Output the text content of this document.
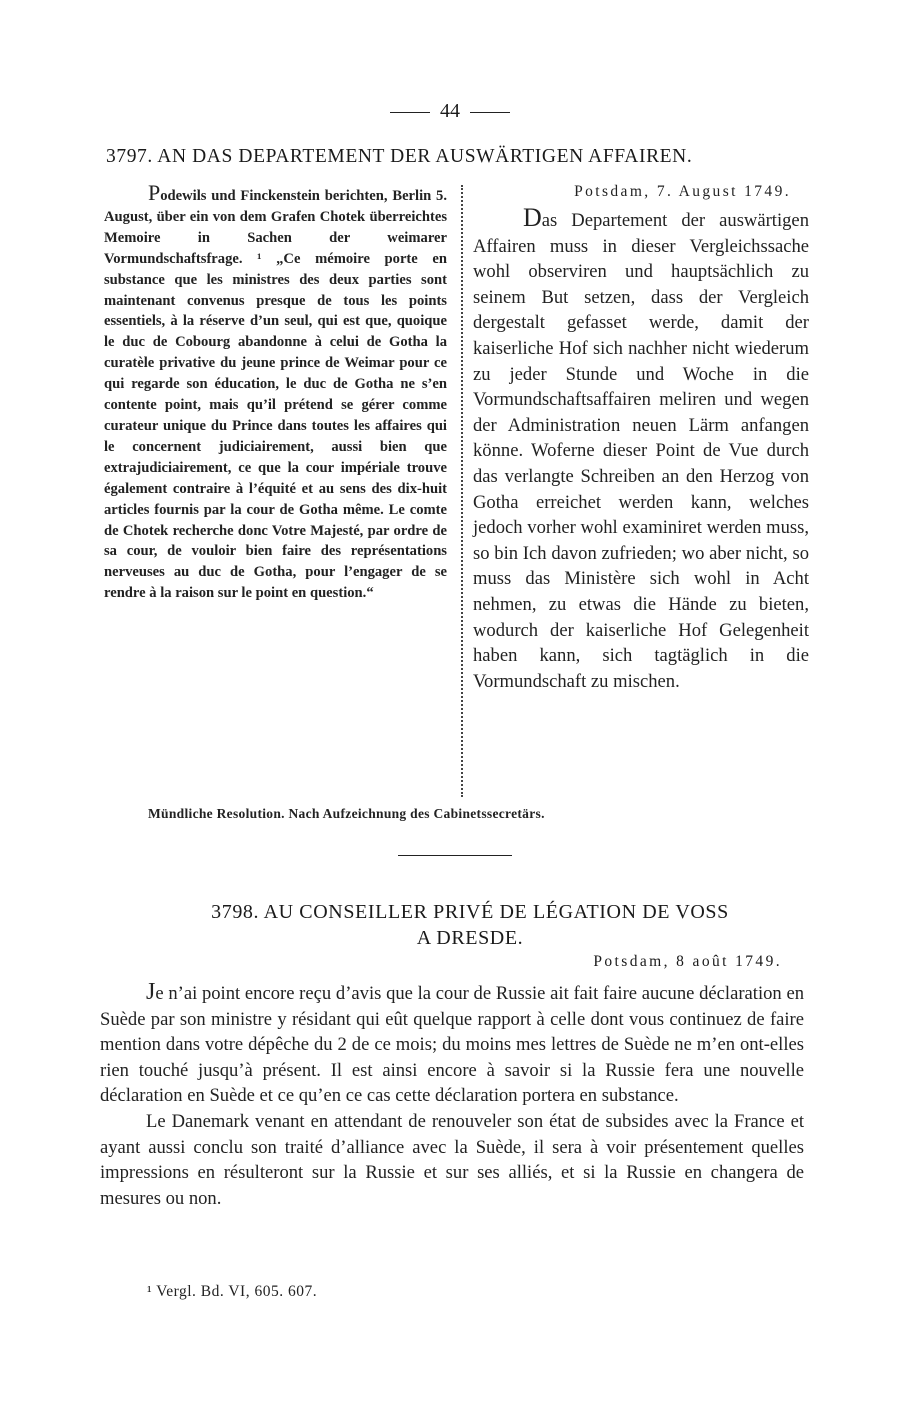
44
3797. AN DAS DEPARTEMENT DER AUSWÄRTIGEN AFFAIREN.
Podewils und Finckenstein berichten, Berlin 5. August, über ein von dem Grafen Chotek überreichtes Memoire in Sachen der weimarer Vormundschaftsfrage. ¹ „Ce mémoire porte en substance que les ministres des deux parties sont maintenant convenus presque de tous les points essentiels, à la réserve d’un seul, qui est que, quoique le duc de Cobourg abandonne à celui de Gotha la curatèle privative du jeune prince de Weimar pour ce qui regarde son éducation, le duc de Gotha ne s’en contente point, mais qu’il prétend se gérer comme curateur unique du Prince dans toutes les affaires qui le concernent judiciairement, aussi bien que extrajudiciairement, ce que la cour impériale trouve également contraire à l’équité et au sens des dix-huit articles fournis par la cour de Gotha même. Le comte de Chotek recherche donc Votre Majesté, par ordre de sa cour, de vouloir bien faire des représentations nerveuses au duc de Gotha, pour l’engager de se rendre à la raison sur le point en question.“
Potsdam, 7. August 1749.
Das Departement der auswärtigen Affairen muss in dieser Vergleichssache wohl observiren und hauptsächlich zu seinem But setzen, dass der Vergleich dergestalt gefasset werde, damit der kaiserliche Hof sich nachher nicht wiederum zu jeder Stunde und Woche in die Vormundschaftsaffairen meliren und wegen der Administration neuen Lärm anfangen könne. Woferne dieser Point de Vue durch das verlangte Schreiben an den Herzog von Gotha erreichet werden kann, welches jedoch vorher wohl examiniret werden muss, so bin Ich davon zufrieden; wo aber nicht, so muss das Ministère sich wohl in Acht nehmen, zu etwas die Hände zu bieten, wodurch der kaiserliche Hof Gelegenheit haben kann, sich tagtäglich in die Vormundschaft zu mischen.
Mündliche Resolution. Nach Aufzeichnung des Cabinetssecretärs.
3798. AU CONSEILLER PRIVÉ DE LÉGATION DE VOSS
A DRESDE.
Potsdam, 8 août 1749.

Je n’ai point encore reçu d’avis que la cour de Russie ait fait faire aucune déclaration en Suède par son ministre y résidant qui eût quelque rapport à celle dont vous continuez de faire mention dans votre dépêche du 2 de ce mois; du moins mes lettres de Suède ne m’en ont-elles rien touché jusqu’à présent. Il est ainsi encore à savoir si la Russie fera une nouvelle déclaration en Suède et ce qu’en ce cas cette déclaration portera en substance.

Le Danemark venant en attendant de renouveler son état de subsides avec la France et ayant aussi conclu son traité d’alliance avec la Suède, il sera à voir présentement quelles impressions en résulteront sur la Russie et sur ses alliés, et si la Russie en changera de mesures ou non.

¹ Vergl. Bd. VI, 605. 607.
